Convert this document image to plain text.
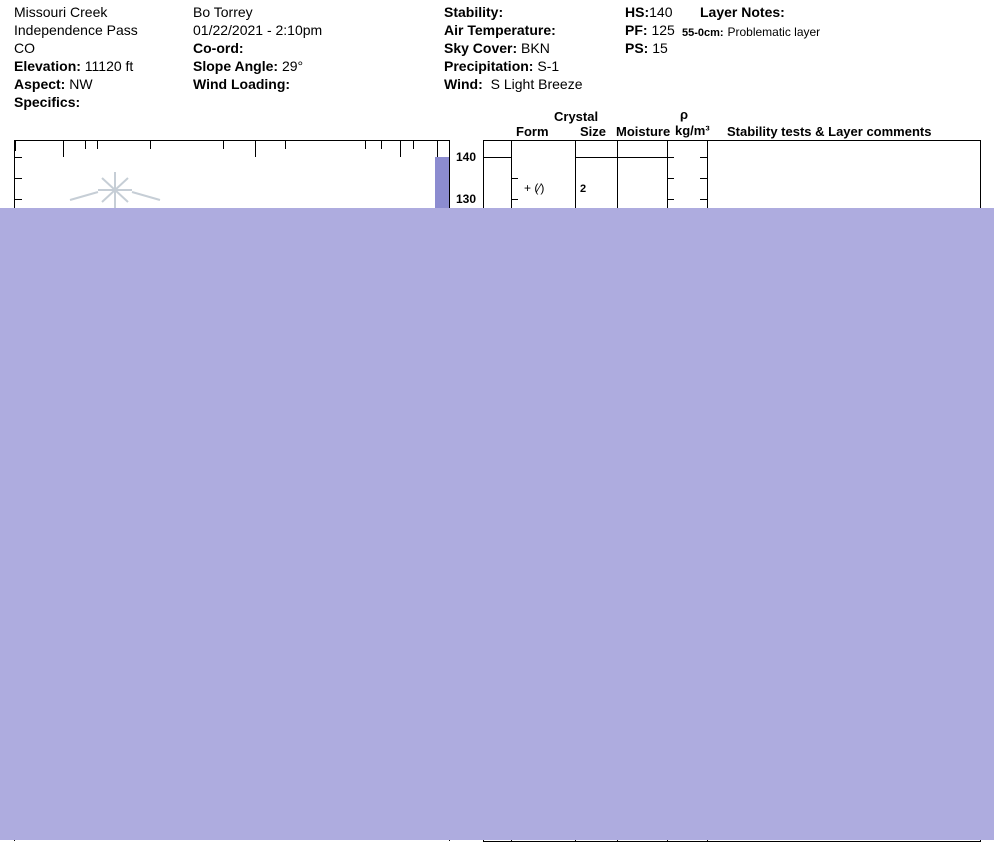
Missouri Creek
Independence Pass
CO
Elevation: 11120 ft
Aspect: NW
Specifics:
Bo Torrey
01/22/2021 - 2:10pm
Co-ord:
Slope Angle: 29°
Wind Loading:
Stability:
Air Temperature:
Sky Cover: BKN
Precipitation: S-1
Wind: S Light Breeze
HS:140
PF: 125
PS: 15
Layer Notes:
55-0cm: Problematic layer
Crystal
Form Size Moisture
ρ
kg/m³ Stability tests & Layer comments
140
130
+ (⁄)	2
